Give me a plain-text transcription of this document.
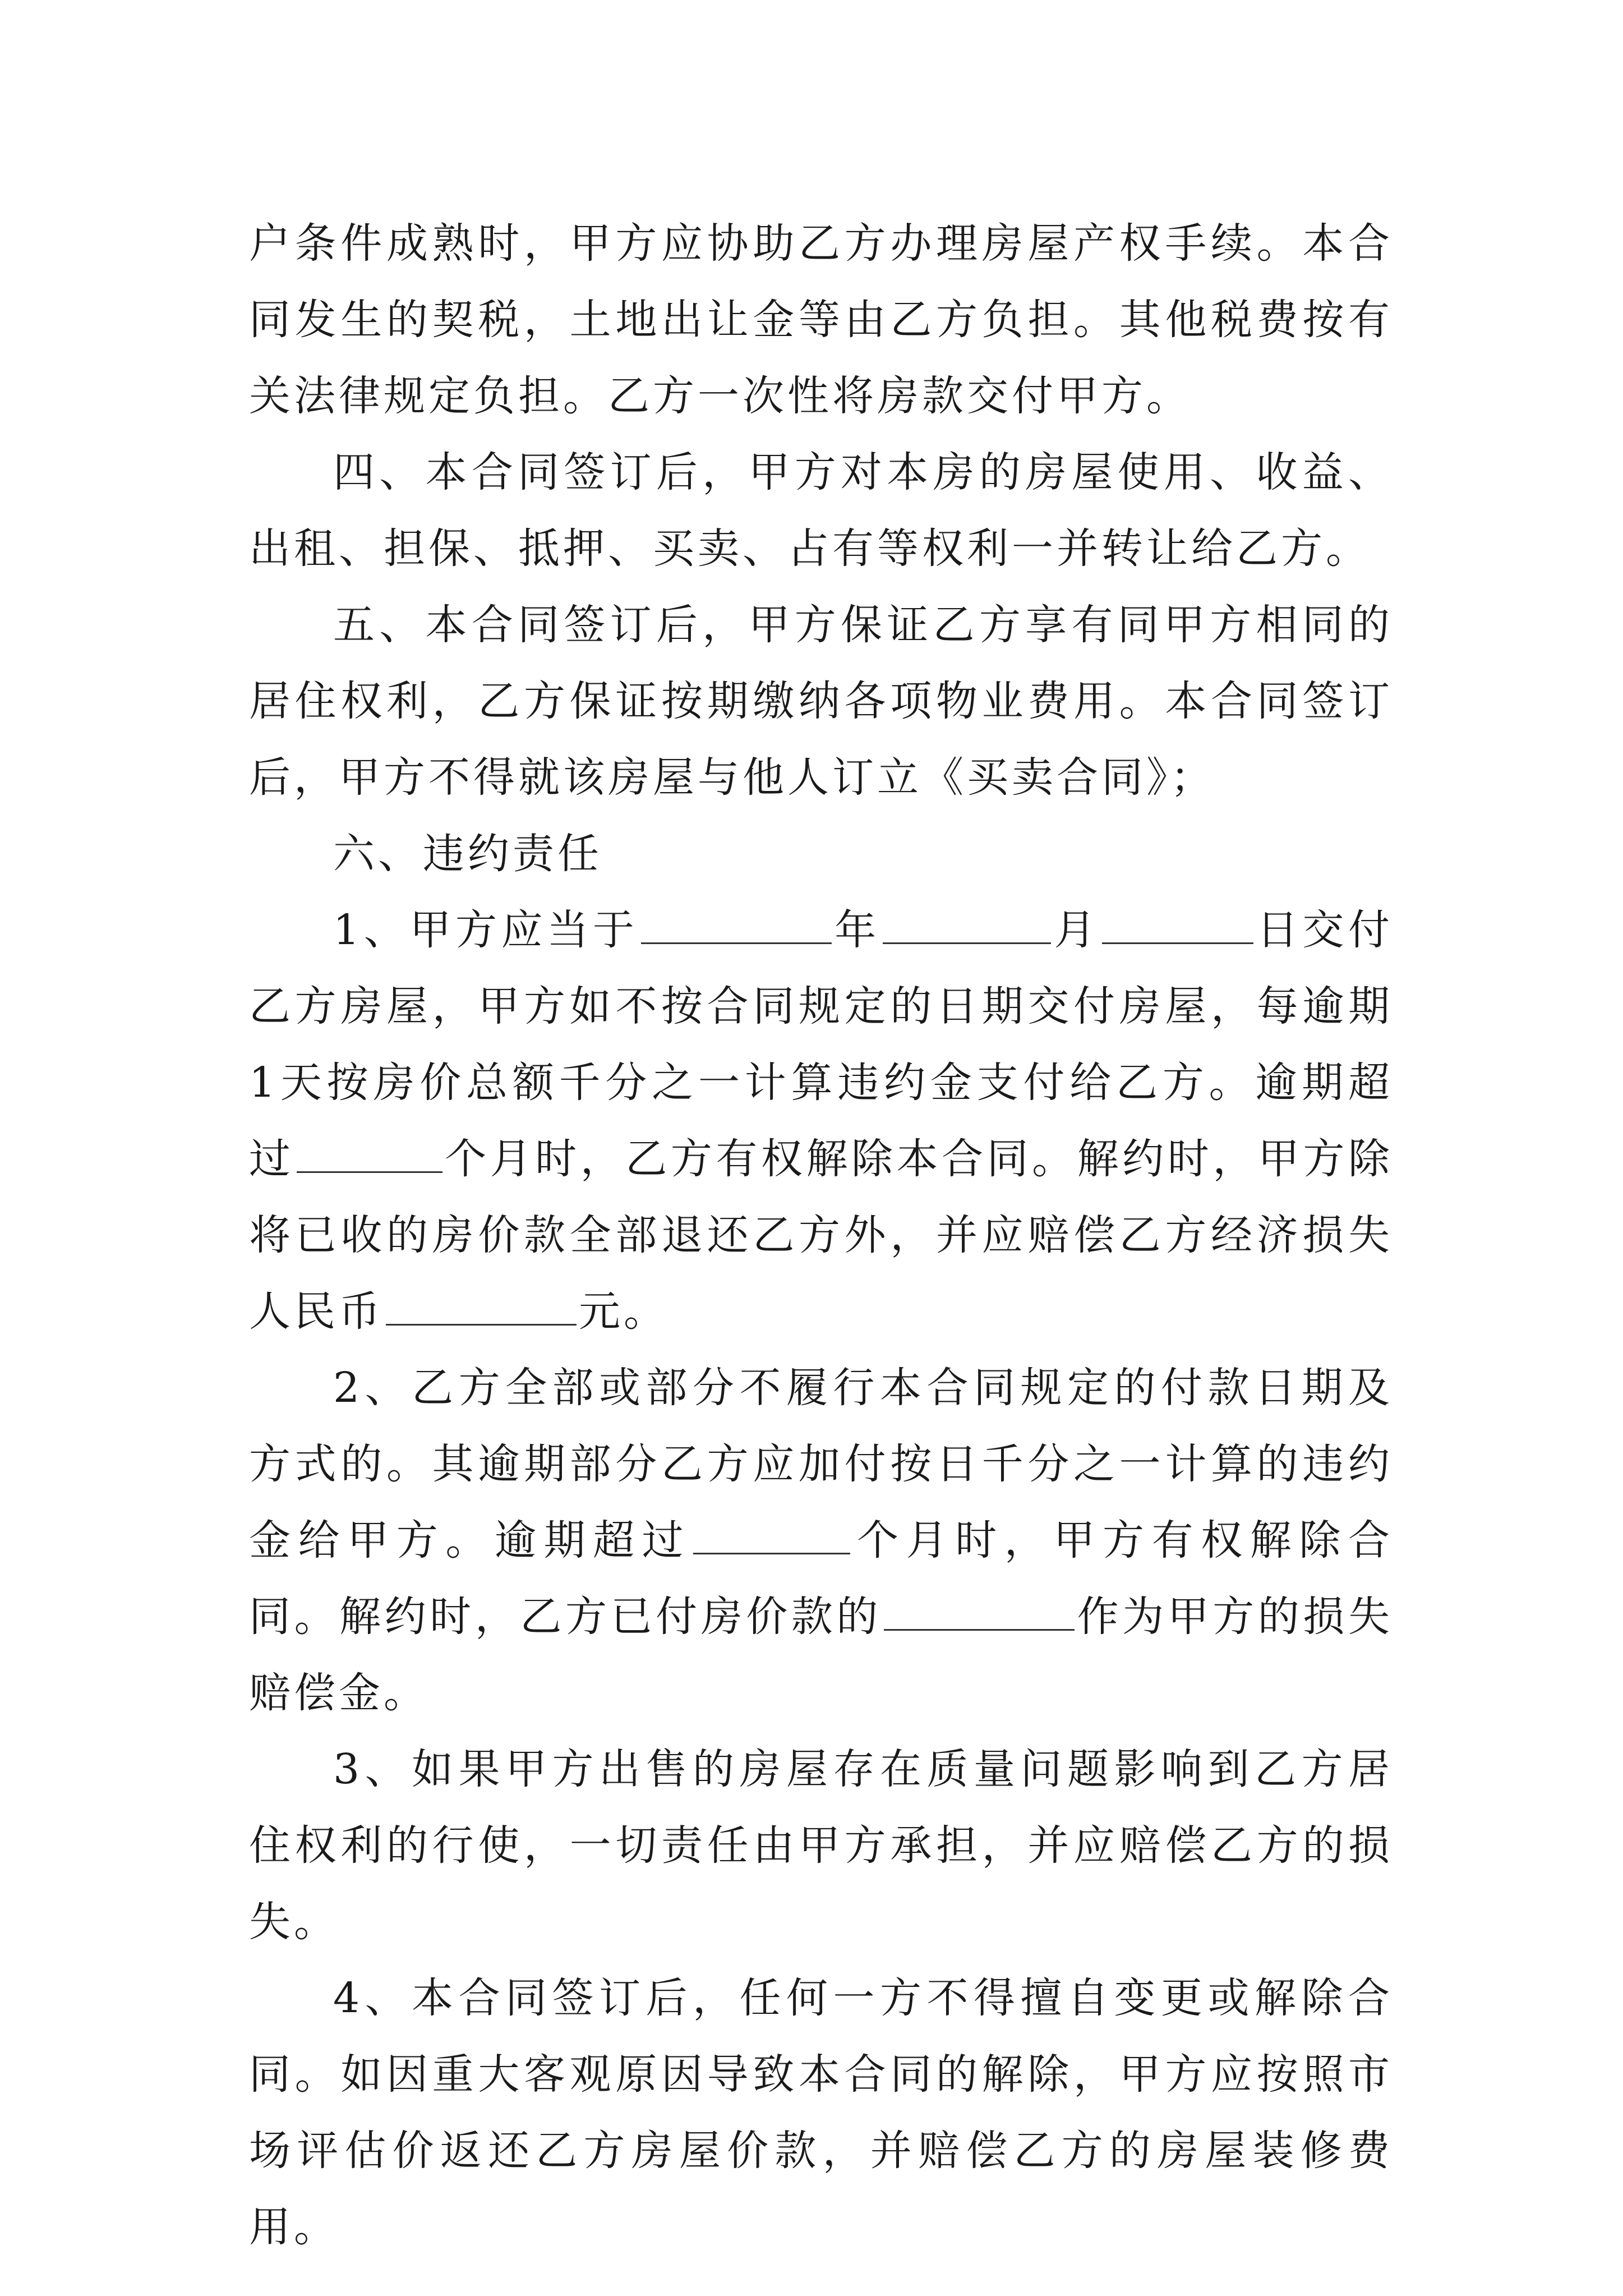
户条件成熟时，甲方应协助乙方办理房屋产权手续。本合同发生的契税，土地出让金等由乙方负担。其他税费按有关法律规定负担。乙方一次性将房款交付甲方。

四、本合同签订后，甲方对本房的房屋使用、收益、出租、担保、抵押、买卖、占有等权利一并转让给乙方。

五、本合同签订后，甲方保证乙方享有同甲方相同的居住权利，乙方保证按期缴纳各项物业费用。本合同签订后，甲方不得就该房屋与他人订立《买卖合同》；

六、违约责任

1、甲方应当于	年	月	日交付乙方房屋，甲方如不按合同规定的日期交付房屋，每逾期1天按房价总额千分之一计算违约金支付给乙方。逾期超过	个月时，乙方有权解除本合同。解约时，甲方除将已收的房价款全部退还乙方外，并应赔偿乙方经济损失人民币	元。

2、乙方全部或部分不履行本合同规定的付款日期及方式的。其逾期部分乙方应加付按日千分之一计算的违约金给甲方。逾期超过	个月时，甲方有权解除合同。解约时，乙方已付房价款的	作为甲方的损失赔偿金。

3、如果甲方出售的房屋存在质量问题影响到乙方居住权利的行使，一切责任由甲方承担，并应赔偿乙方的损失。

4、本合同签订后，任何一方不得擅自变更或解除合同。如因重大客观原因导致本合同的解除，甲方应按照市场评估价返还乙方房屋价款，并赔偿乙方的房屋装修费用。
